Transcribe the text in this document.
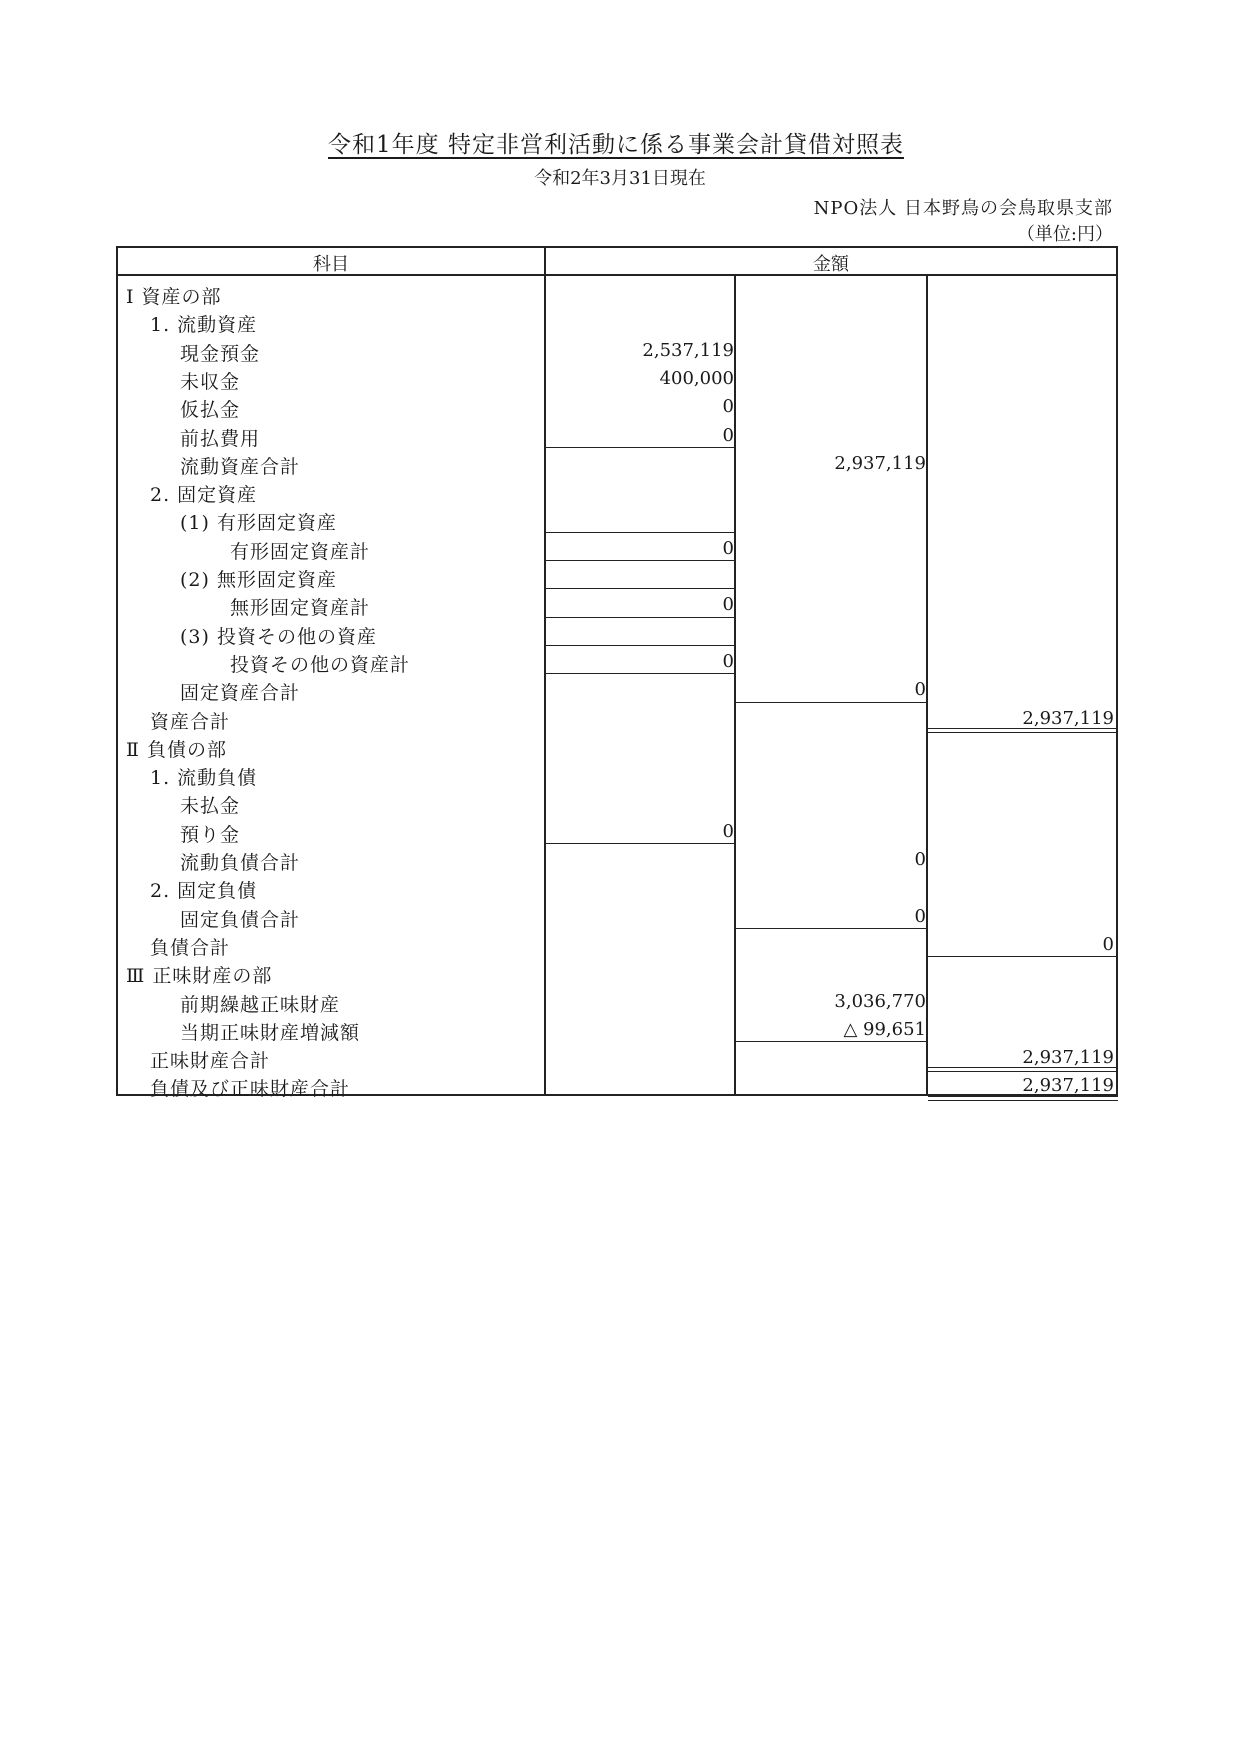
令和1年度 特定非営利活動に係る事業会計貸借対照表
令和2年3月31日現在
NPO法人 日本野鳥の会鳥取県支部
（単位:円）
科目	金額
Ⅰ 資産の部
1. 流動資産
現金預金	2,537,119
未収金	400,000
仮払金	0
前払費用	0
流動資産合計	2,937,119
2. 固定資産
(1) 有形固定資産
有形固定資産計	0
(2) 無形固定資産
無形固定資産計	0
(3) 投資その他の資産
投資その他の資産計	0
固定資産合計	0
資産合計	2,937,119
Ⅱ 負債の部
1. 流動負債
未払金
預り金	0
流動負債合計	0
2. 固定負債
固定負債合計	0
負債合計	0
Ⅲ 正味財産の部
前期繰越正味財産	3,036,770
当期正味財産増減額	△ 99,651
正味財産合計	2,937,119
負債及び正味財産合計	2,937,119
